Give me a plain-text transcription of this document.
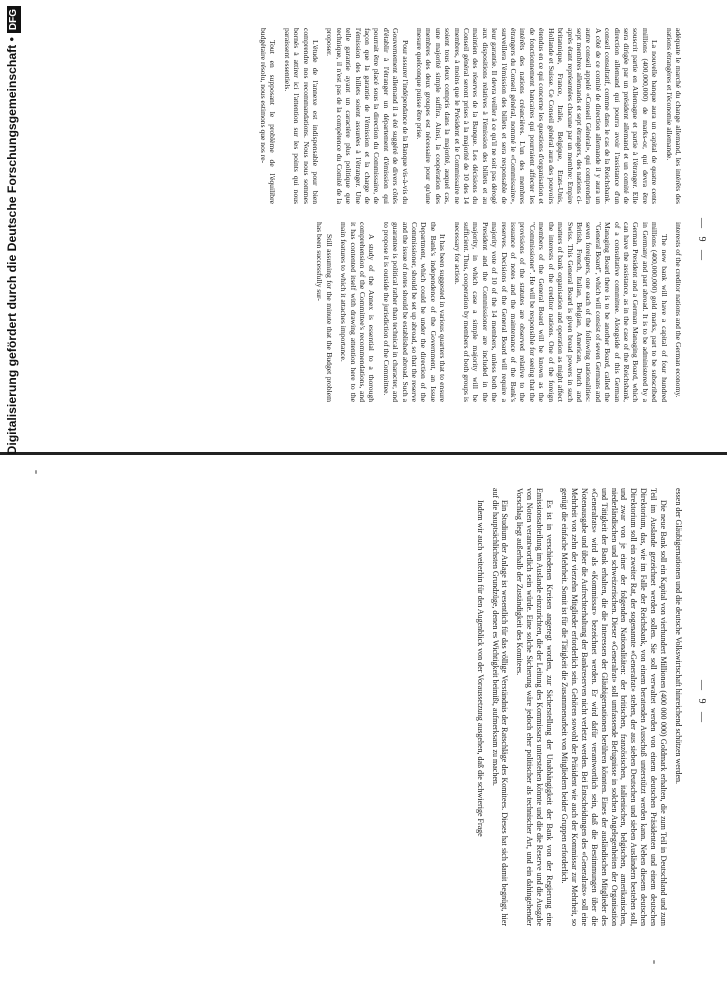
— 9 —

adéquate le marché du change allemand, les intérêts des nations étrangères et l'économie allemande.

La nouvelle banque aura un capital de quatre cents millions (400,000,000) de marks-or, qui devra être souscrit partie en Allemagne et partie à l'étranger. Elle sera dirigée par un président allemand et un comité de direction allemand qui pourra avoir l'assistance d'un conseil consultatif, comme dans le cas de la Reichsbank. A côté de ce comité de direction allemande il y aura un autre conseil appelé «Conseil Général», qui comprendra sept membres allemands et sept étrangers, des nations ci-après étant représentées chacune par un membre: Empire britannique, France, Italie, Belgique, Etats-Unis, Hollande et Suisse. Ce Conseil général aura des pouvoirs étendus en ce qui concerne les questions d'organisation et de fonctionnement bancaires qui pourraient affecter les intérêts des nations créancières. L'un des membres étrangers du Conseil général, nommé le «Commissaire», surveillera l'émission des billets et sera responsable de leur garantie. Il devra veiller à ce qu'il ne soit pas dérogé aux dispositions relatives à l'émission des billets et au maintien des réserves de la Banque. Les décisions du Conseil général seront prises à la majorité de 10 des 14 membres, à moins que le Président et le Commissaire ne soient tous deux compris dans la majorité, auquel cas, une majorité simple suffira. Ainsi, la coopération des membres des deux groupes est nécessaire pour qu'une mesure quelconque puisse être prise.

Pour assurer l'indépendance de la Banque vis-à-vis du Gouvernement allemand il a été suggéré de divers côtés d'établir à l'étranger un département d'émission qui pourrait être placé sous la direction du Commissaire, de façon que la garantie de l'émission et la charge de l'émission des billets soient assurées à l'étranger. Une telle garantie ayant un caractère plus politique que technique, il n'est pas de la compétence du Comité de la proposer.

L'étude de l'annexe est indispensable pour bien comprendre nos recommandations. Nous nous sommes bornés à attirer ici l'attention sur les points qui nous paraissent essentiels.

Tout en supposant le problème de l'équilibre budgétaire résolu, nous estimons que nos re-

interests of the creditor nations and the German economy.

The new bank will have a capital of four hundred millions (400,000,000) gold marks, part to be subscribed in Germany and part abroad. It is to be administered by a German President and a German Managing Board, which can have the assistance, as in the case of the Reichsbank, of a consultative committee. Alongside of this German Managing Board there is to be another Board, called the "General Board", which will consist of seven Germans and seven foreigners, one each of the following nationalities: British, French, Italian, Belgian, American, Dutch and Swiss. This General Board is given broad powers in such matters of bank organisation and operation as might affect the interests of the creditor nations. One of the foreign members of the General Board will be known as the "Commissioner". He will be responsible for seeing that the provisions of the statutes are observed relative to the issuance of notes and the maintenance of the Bank's reserves. Decisions of the General Board will require a majority vote of 10 of the 14 members, unless both the President and the Commissioner are included in the majority, in which case a simple majority will be sufficient. Thus, cooperation by members of both groups is necessary for action.

It has been suggested in various quarters that to ensure the Bank's independence of the Government, an Issue Department, which could be under the direction of the Commissioner, should be set up abroad, so that the reserve and the issue of notes should be established abroad. Such a guarantee is political rather than technical in character, and to propose it is outside the jurisdiction of the Committee.

A study of the Annex is essential to a thorough comprehension of the Committee's recommendations, and it has contented itself with drawing attention here to the main features to which it attaches importance.

Still assuming for the minute that the Budget problem has been successfully sur-

— 9 —

essen der Gläubigernationen und die deutsche Volkswirtschaft hinreichend schützen werden.

Die neue Bank soll ein Kapital von vierhundert Millionen (400 000 000) Goldmark erhalten, die zum Teil in Deutschland und zum Teil im Auslande gezeichnet werden sollen. Sie soll verwaltet werden von einem deutschen Präsidenten und einem deutschen Direktorium, das, wie im Falle der Reichsbank, von einem beratenden Ausschuß unterstützt werden kann. Neben diesem deutschen Direktorium soll ein zweiter Rat, der sogenannte «Generalrat» stehen, der aus sieben Deutschen und sieben Ausländern bestehen soll, und zwar von je einer der folgenden Nationalitäten: der britischen, französischen, italienischen, belgischen, amerikanischen, niederländischen und schweizerischen. Dieser «Generalrat» soll umfassende Befugnisse in solchen Angelegenheiten der Organisation und Tätigkeit der Bank erhalten, die die Interessen der Gläubigernationen berühren könnten. Eines der ausländischen Mitglieder des «Generalrats» wird als «Kommissar» bezeichnet werden. Er wird dafür verantwortlich sein, daß die Bestimmungen über die Notenausgabe und über die Aufrechterhaltung der Bankreserven nicht verletzt werden. Bei Entscheidungen des «Generalrats» soll eine Mehrheit von zehn der vierzehn Mitglieder erforderlich sein. Gehören sowohl der Präsident wie auch der Kommissar zur Mehrheit, so genügt die einfache Mehrheit. Somit ist für die Tätigkeit die Zusammenarbeit von Mitgliedern beider Gruppen erforderlich.

Es ist in verschiedenen Kreisen angeregt worden, zur Sicherstellung der Unabhängigkeit der Bank von der Regierung eine Emissionsabteilung im Auslande einzurichten, die der Leitung des Kommissars unterstehen könnte und die die Reserve und die Ausgabe von Noten verantwortlich sein würde. Eine solche Sicherung wäre jedoch eher politischer als technischer Art, und ein dahingehender Vorschlag liegt außerhalb der Zuständigkeit des Komitees.

Ein Studium der Anlage ist wesentlich für das völlige Verständnis der Ratschläge des Komitees. Dieses hat sich damit begnügt, hier auf die hauptsächlichsten Grundzüge, denen es Wichtigkeit beimißt, aufmerksam zu machen.

Indem wir auch weiterhin für den Augenblick von der Voraussetzung ausgehen, daß die schwierige Frage

Digitalisierung gefördert durch die Deutsche Forschungsgemeinschaft •DFG
